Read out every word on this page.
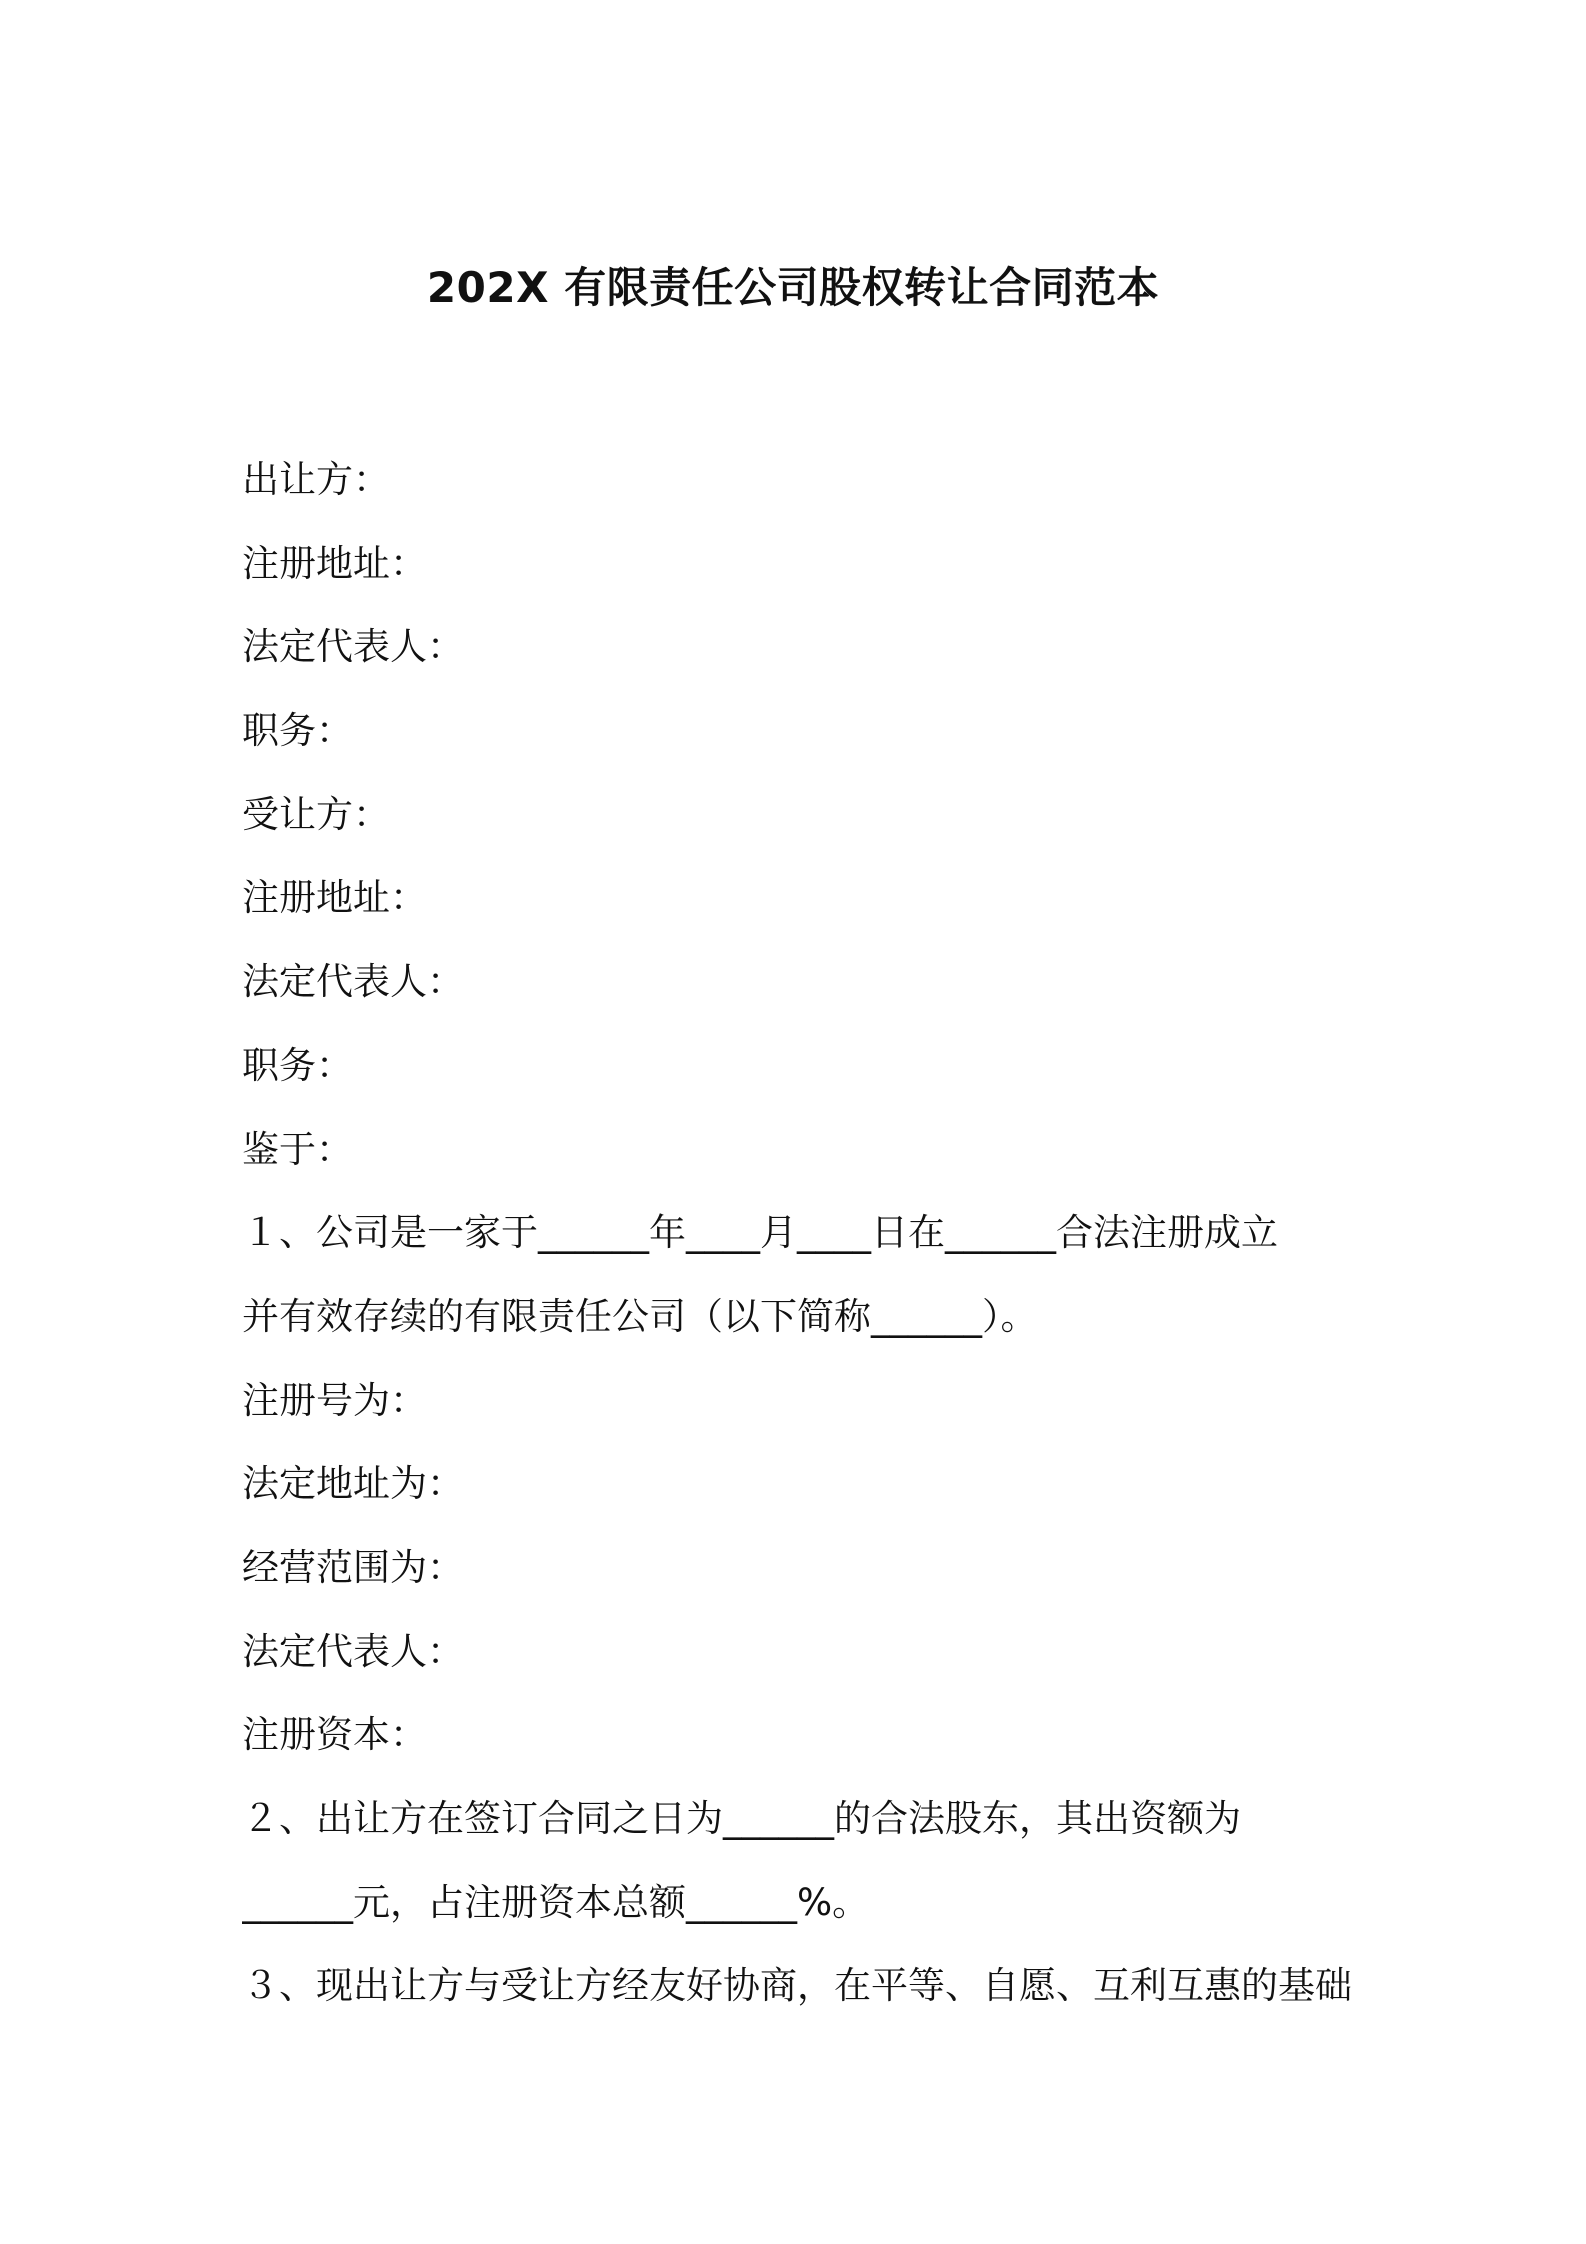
202X 有限责任公司股权转让合同范本
出让方：
注册地址：
法定代表人：
职务：
受让方：
注册地址：
法定代表人：
职务：
鉴于：
１、公司是一家于______年____月____日在______合法注册成立
并有效存续的有限责任公司（以下简称______）。
注册号为：
法定地址为：
经营范围为：
法定代表人：
注册资本：
２、出让方在签订合同之日为______的合法股东，其出资额为
______元，占注册资本总额______%。
３、现出让方与受让方经友好协商，在平等、自愿、互利互惠的基础
